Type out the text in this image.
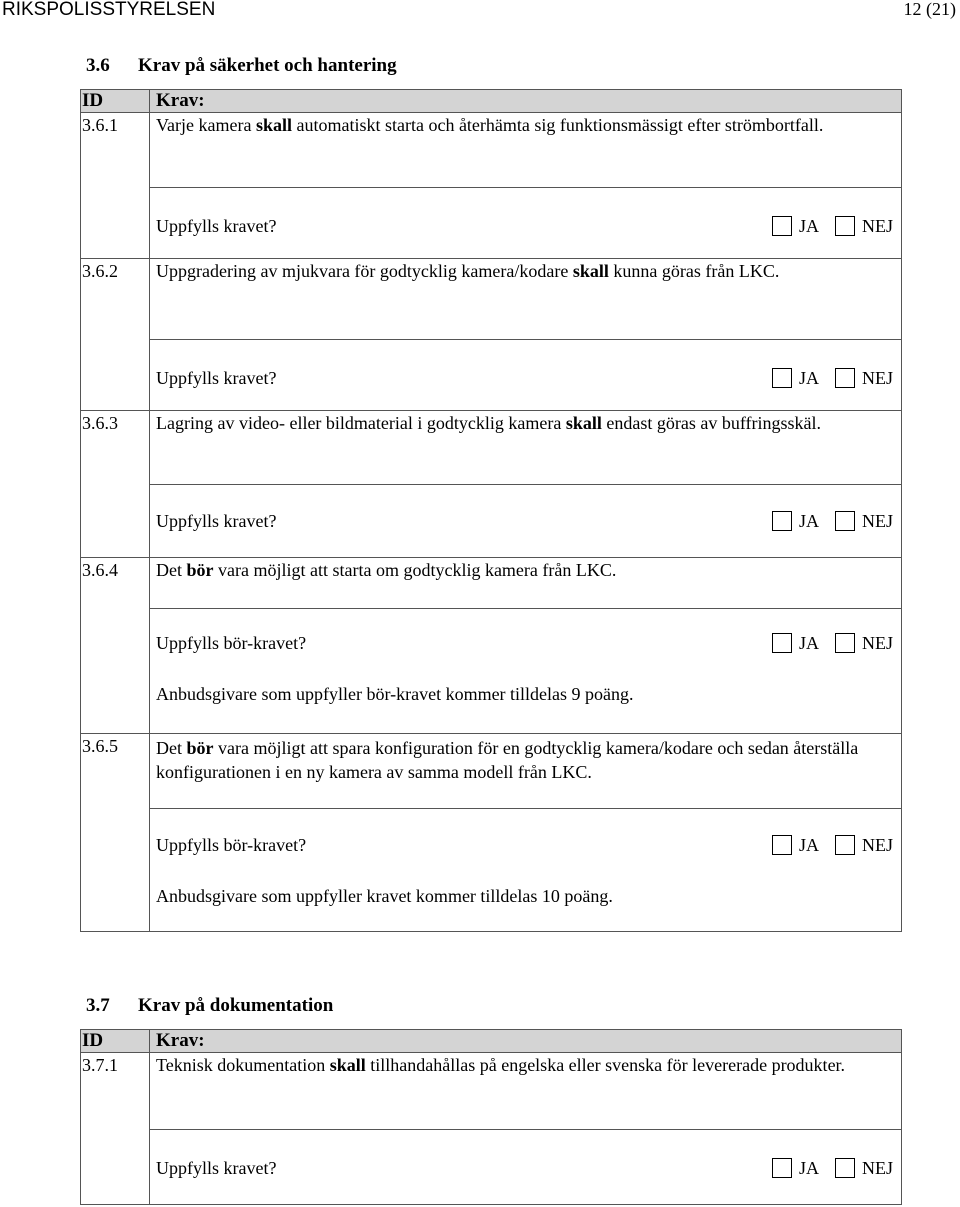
RIKSPOLISSTYRELSEN	12 (21)
3.6 Krav på säkerhet och hantering
ID	Krav:
3.6.1	Varje kamera skall automatiskt starta och återhämta sig funktionsmässigt efter strömbortfall.

	Uppfylls kravet? JA NEJ

3.6.2	Uppgradering av mjukvara för godtycklig kamera/kodare skall kunna göras från LKC.

	Uppfylls kravet? JA NEJ

3.6.3	Lagring av video- eller bildmaterial i godtycklig kamera skall endast göras av buffringsskäl.

	Uppfylls kravet? JA NEJ

3.6.4	Det bör vara möjligt att starta om godtycklig kamera från LKC.

	Uppfylls bör-kravet? JA NEJ
Anbudsgivare som uppfyller bör-kravet kommer tilldelas 9 poäng.

3.6.5	Det bör vara möjligt att spara konfiguration för en godtycklig kamera/kodare och sedan återställa konfigurationen i en ny kamera av samma modell från LKC.

	Uppfylls bör-kravet? JA NEJ
Anbudsgivare som uppfyller kravet kommer tilldelas 10 poäng.
3.7 Krav på dokumentation
ID	Krav:
3.7.1	Teknisk dokumentation skall tillhandahållas på engelska eller svenska för levererade produkter.

	Uppfylls kravet? JA NEJ
